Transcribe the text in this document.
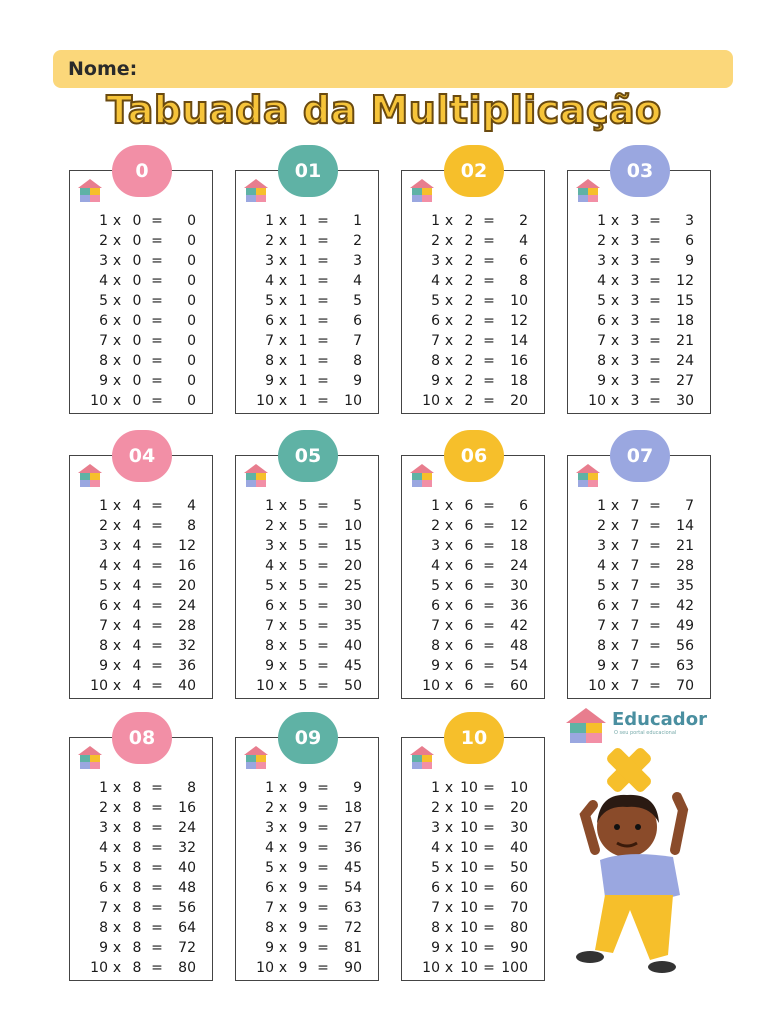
Nome:
Tabuada da Multiplicação
0
1 x 0 =	0
2 x 0 =	0
3 x 0 =	0
4 x 0 =	0
5 x 0 =	0
6 x 0 =	0
7 x 0 =	0
8 x 0 =	0
9 x 0 =	0
10 x 0 =	0
01
1 x 1 =	1
2 x 1 =	2
3 x 1 =	3
4 x 1 =	4
5 x 1 =	5
6 x 1 =	6
7 x 1 =	7
8 x 1 =	8
9 x 1 =	9
10 x 1 =	10
02
1 x 2 =	2
2 x 2 =	4
3 x 2 =	6
4 x 2 =	8
5 x 2 =	10
6 x 2 =	12
7 x 2 =	14
8 x 2 =	16
9 x 2 =	18
10 x 2 =	20
03
1 x 3 =	3
2 x 3 =	6
3 x 3 =	9
4 x 3 =	12
5 x 3 =	15
6 x 3 =	18
7 x 3 =	21
8 x 3 =	24
9 x 3 =	27
10 x 3 =	30
04
1 x 4 =	4
2 x 4 =	8
3 x 4 =	12
4 x 4 =	16
5 x 4 =	20
6 x 4 =	24
7 x 4 =	28
8 x 4 =	32
9 x 4 =	36
10 x 4 =	40
05
1 x 5 =	5
2 x 5 =	10
3 x 5 =	15
4 x 5 =	20
5 x 5 =	25
6 x 5 =	30
7 x 5 =	35
8 x 5 =	40
9 x 5 =	45
10 x 5 =	50
06
1 x 6 =	6
2 x 6 =	12
3 x 6 =	18
4 x 6 =	24
5 x 6 =	30
6 x 6 =	36
7 x 6 =	42
8 x 6 =	48
9 x 6 =	54
10 x 6 =	60
07
1 x 7 =	7
2 x 7 =	14
3 x 7 =	21
4 x 7 =	28
5 x 7 =	35
6 x 7 =	42
7 x 7 =	49
8 x 7 =	56
9 x 7 =	63
10 x 7 =	70
08
1 x 8 =	8
2 x 8 =	16
3 x 8 =	24
4 x 8 =	32
5 x 8 =	40
6 x 8 =	48
7 x 8 =	56
8 x 8 =	64
9 x 8 =	72
10 x 8 =	80
09
1 x 9 =	9
2 x 9 =	18
3 x 9 =	27
4 x 9 =	36
5 x 9 =	45
6 x 9 =	54
7 x 9 =	63
8 x 9 =	72
9 x 9 =	81
10 x 9 =	90
10
1 x 10 =	10
2 x 10 =	20
3 x 10 =	30
4 x 10 =	40
5 x 10 =	50
6 x 10 =	60
7 x 10 =	70
8 x 10 =	80
9 x 10 =	90
10 x 10 = 100
Educador
O seu portal educacional
